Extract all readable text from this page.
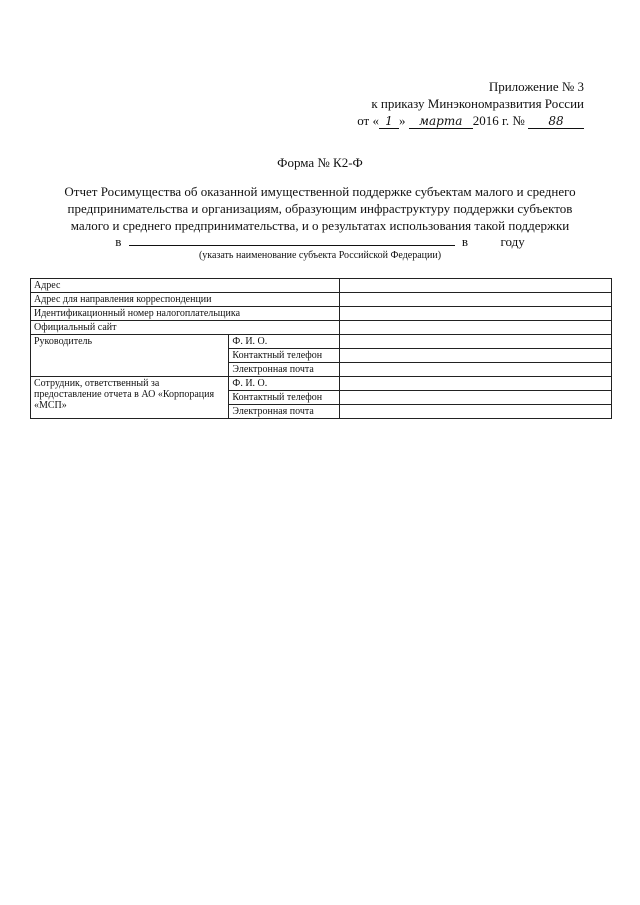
Приложение № 3
к приказу Минэкономразвития России
от « 1 » марта 2016 г. № 88
Форма № К2-Ф
Отчет Росимущества об оказанной имущественной поддержке субъектам малого и среднего предпринимательства и организациям, образующим инфраструктуру поддержки субъектов малого и среднего предпринимательства, и о результатах использования такой поддержки
в	в	году
(указать наименование субъекта Российской Федерации)
Адрес		
Адрес для направления корреспонденции		
Идентификационный номер налогоплательщика		
Официальный сайт		
Руководитель	Ф. И. О.	
	Контактный телефон	
	Электронная почта	
Сотрудник, ответственный за предоставление отчета в АО «Корпорация «МСП»	Ф. И. О.	
	Контактный телефон	
	Электронная почта	
